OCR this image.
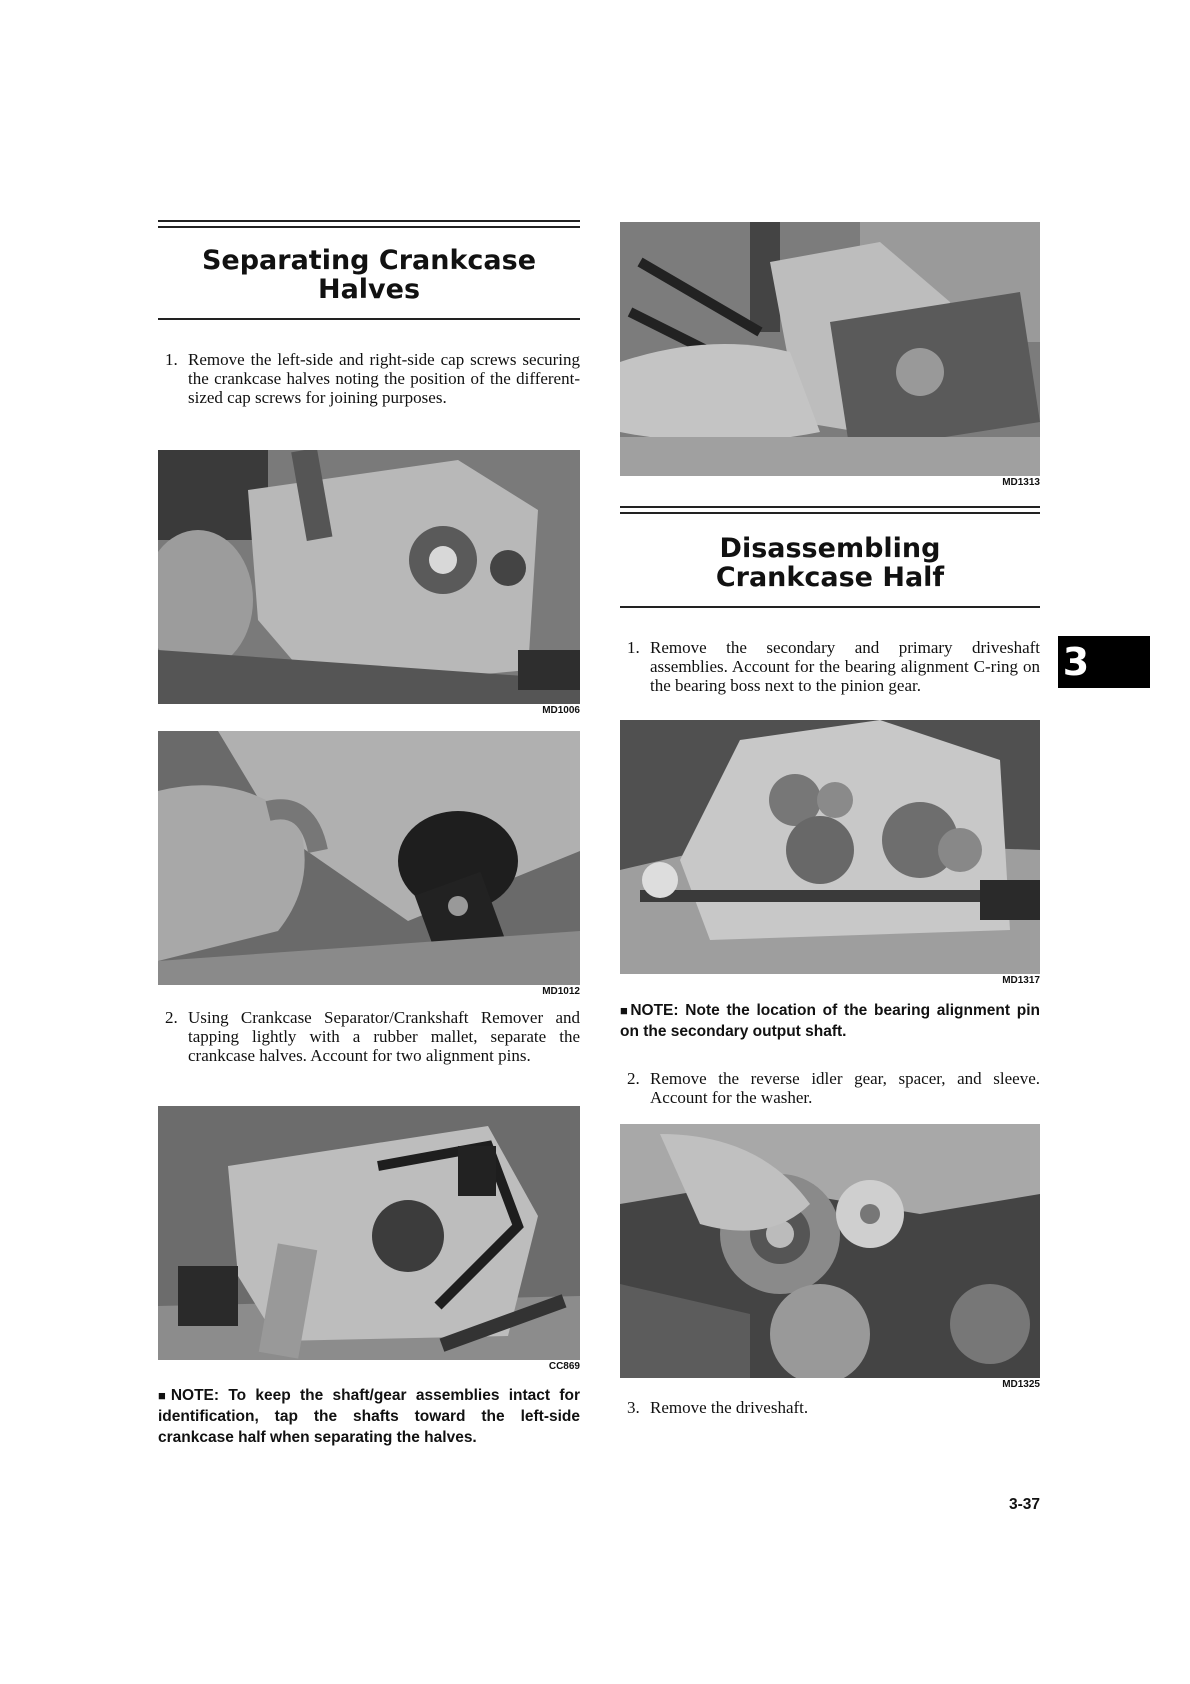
Separating Crankcase
Halves
1. Remove the left-side and right-side cap screws securing the crankcase halves noting the position of the different-sized cap screws for joining purposes.
MD1006
MD1012
2. Using Crankcase Separator/Crankshaft Remover and tapping lightly with a rubber mallet, separate the crankcase halves. Account for two alignment pins.
CC869
■NOTE: To keep the shaft/gear assemblies intact for identification, tap the shafts toward the left-side crankcase half when separating the halves.
MD1313
Disassembling
Crankcase Half
1. Remove the secondary and primary driveshaft assemblies. Account for the bearing alignment C-ring on the bearing boss next to the pinion gear.
MD1317
■NOTE: Note the location of the bearing alignment pin on the secondary output shaft.
2. Remove the reverse idler gear, spacer, and sleeve. Account for the washer.
MD1325
3. Remove the driveshaft.
3
3-37
